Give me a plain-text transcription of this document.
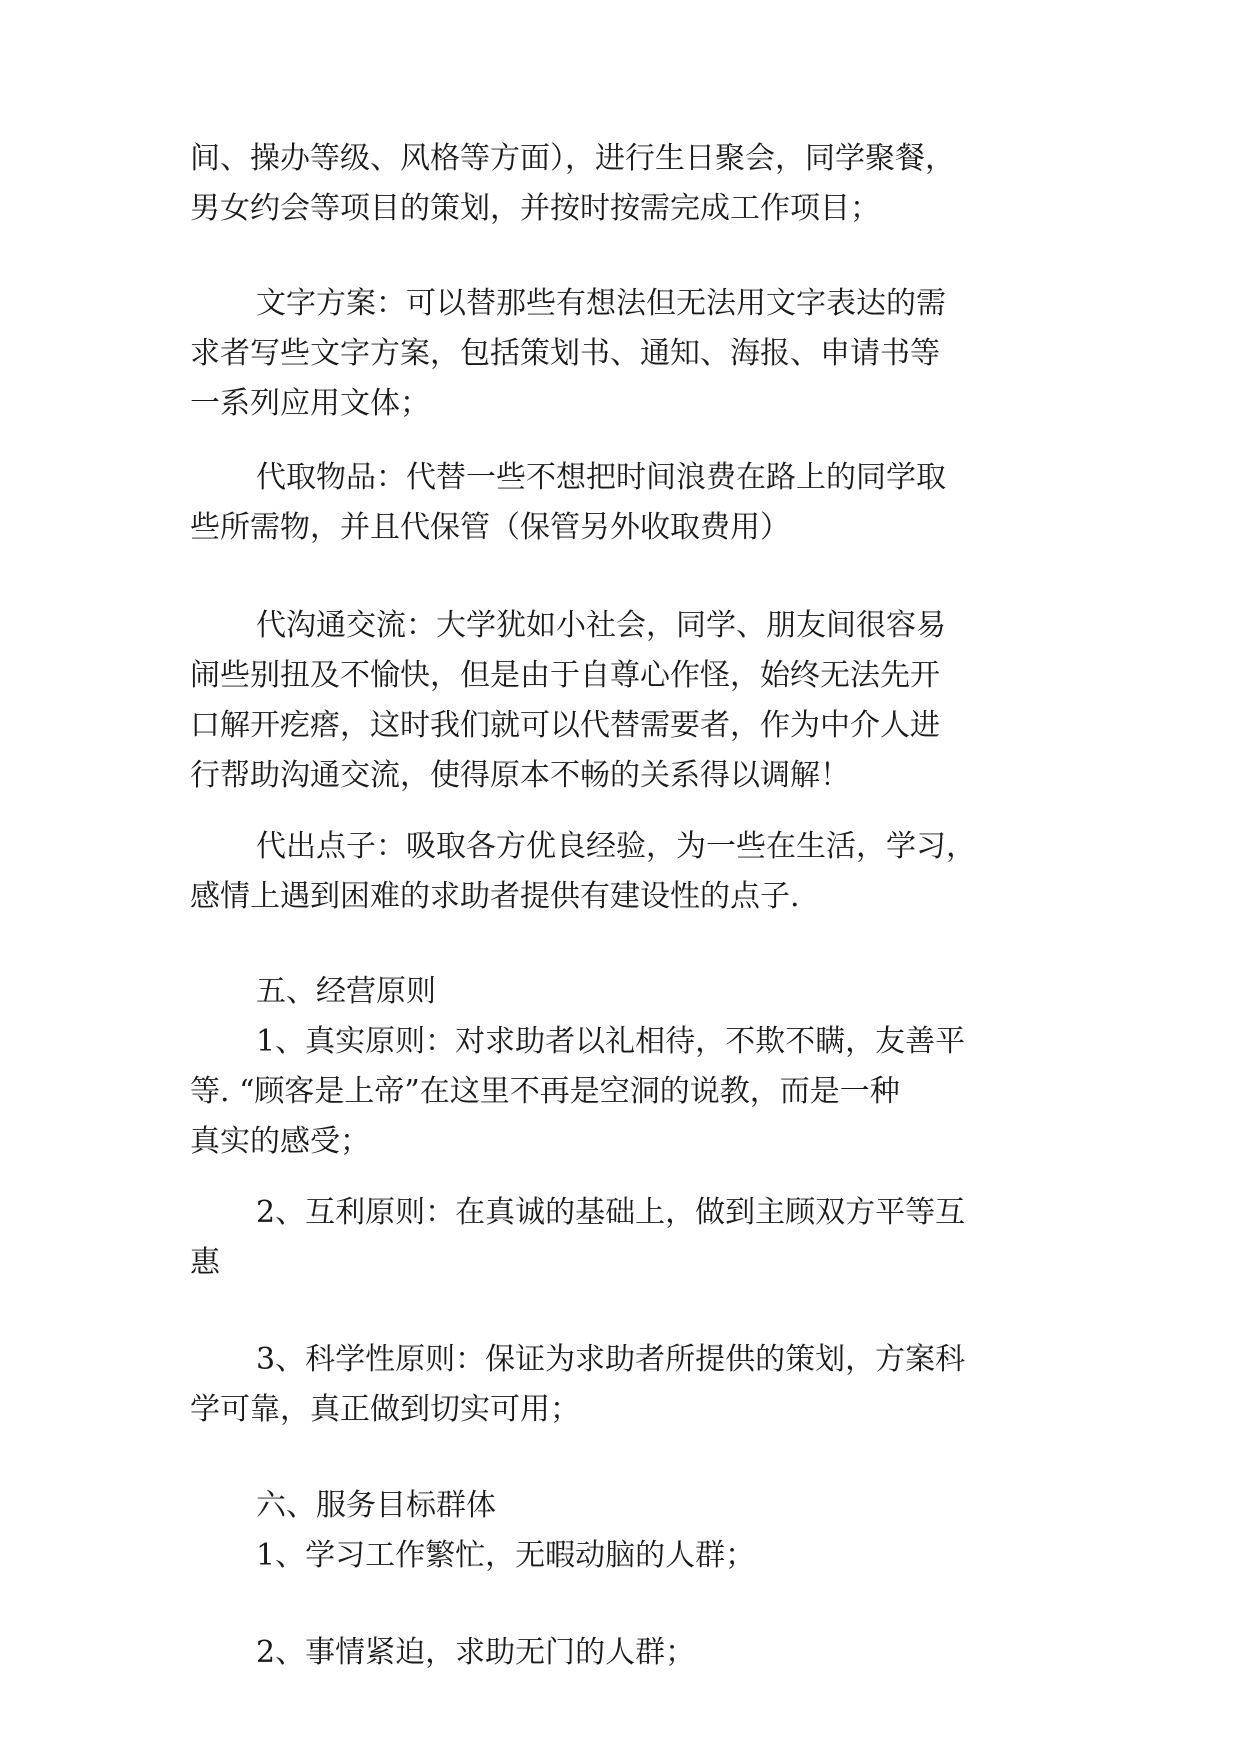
间、操办等级、风格等方面），进行生日聚会，同学聚餐，
男女约会等项目的策划，并按时按需完成工作项目；
文字方案：可以替那些有想法但无法用文字表达的需
求者写些文字方案，包括策划书、通知、海报、申请书等
一系列应用文体；
代取物品：代替一些不想把时间浪费在路上的同学取
些所需物，并且代保管（保管另外收取费用）
代沟通交流：大学犹如小社会，同学、朋友间很容易
闹些别扭及不愉快，但是由于自尊心作怪，始终无法先开
口解开疙瘩，这时我们就可以代替需要者，作为中介人进
行帮助沟通交流，使得原本不畅的关系得以调解！
代出点子：吸取各方优良经验，为一些在生活，学习，
感情上遇到困难的求助者提供有建设性的点子.
五、经营原则
1、真实原则：对求助者以礼相待，不欺不瞒，友善平
等. “顾客是上帝”在这里不再是空洞的说教，而是一种
真实的感受；
2、互利原则：在真诚的基础上，做到主顾双方平等互
惠
3、科学性原则：保证为求助者所提供的策划，方案科
学可靠，真正做到切实可用；
六、服务目标群体
1、学习工作繁忙，无暇动脑的人群；
2、事情紧迫，求助无门的人群；
